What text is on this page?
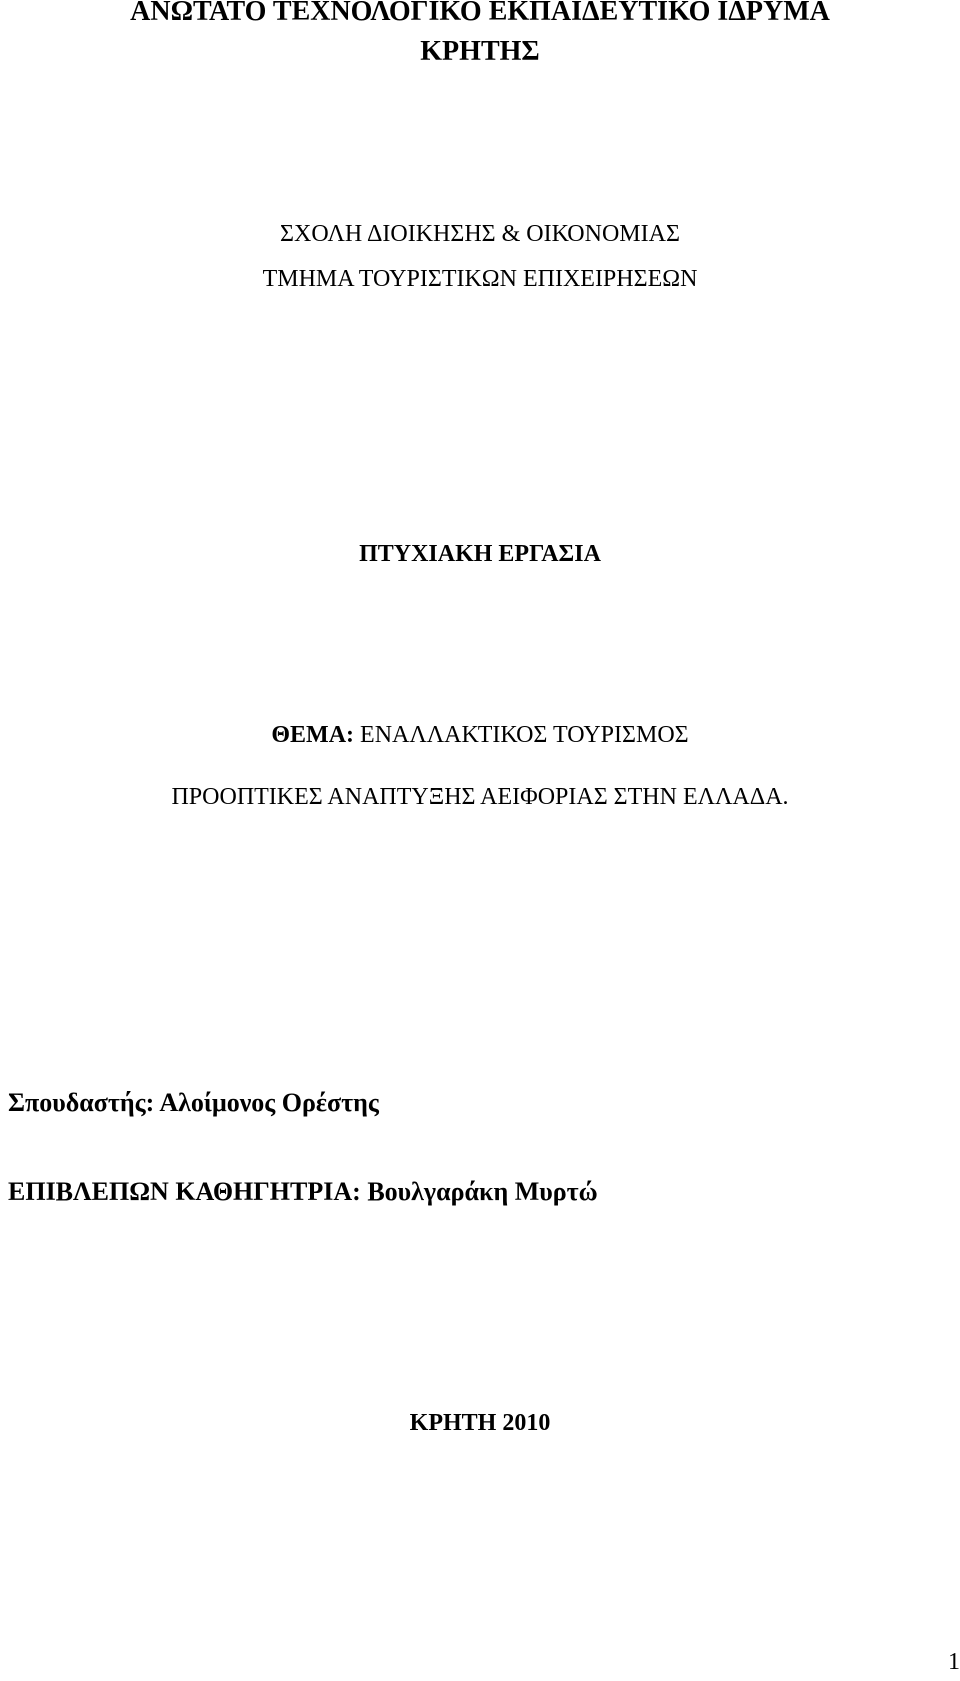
ΑΝΩΤΑΤΟ ΤΕΧΝΟΛΟΓΙΚΟ ΕΚΠΑΙΔΕΥΤΙΚΟ ΙΔΡΥΜΑ
ΚΡΗΤΗΣ
ΣΧΟΛΗ ΔΙΟΙΚΗΣΗΣ & ΟΙΚΟΝΟΜΙΑΣ
ΤΜΗΜΑ ΤΟΥΡΙΣΤΙΚΩΝ ΕΠΙΧΕΙΡΗΣΕΩΝ
ΠΤΥΧΙΑΚΗ ΕΡΓΑΣΙΑ
ΘΕΜΑ: ΕΝΑΛΛΑΚΤΙΚΟΣ ΤΟΥΡΙΣΜΟΣ
ΠΡΟΟΠΤΙΚΕΣ ΑΝΑΠΤΥΞΗΣ ΑΕΙΦΟΡΙΑΣ ΣΤΗΝ ΕΛΛΑΔΑ.
Σπουδαστής: Αλοίμονος Ορέστης
ΕΠΙΒΛΕΠΩΝ ΚΑΘΗΓΗΤΡΙΑ: Βουλγαράκη Μυρτώ
ΚΡΗΤΗ 2010
1
